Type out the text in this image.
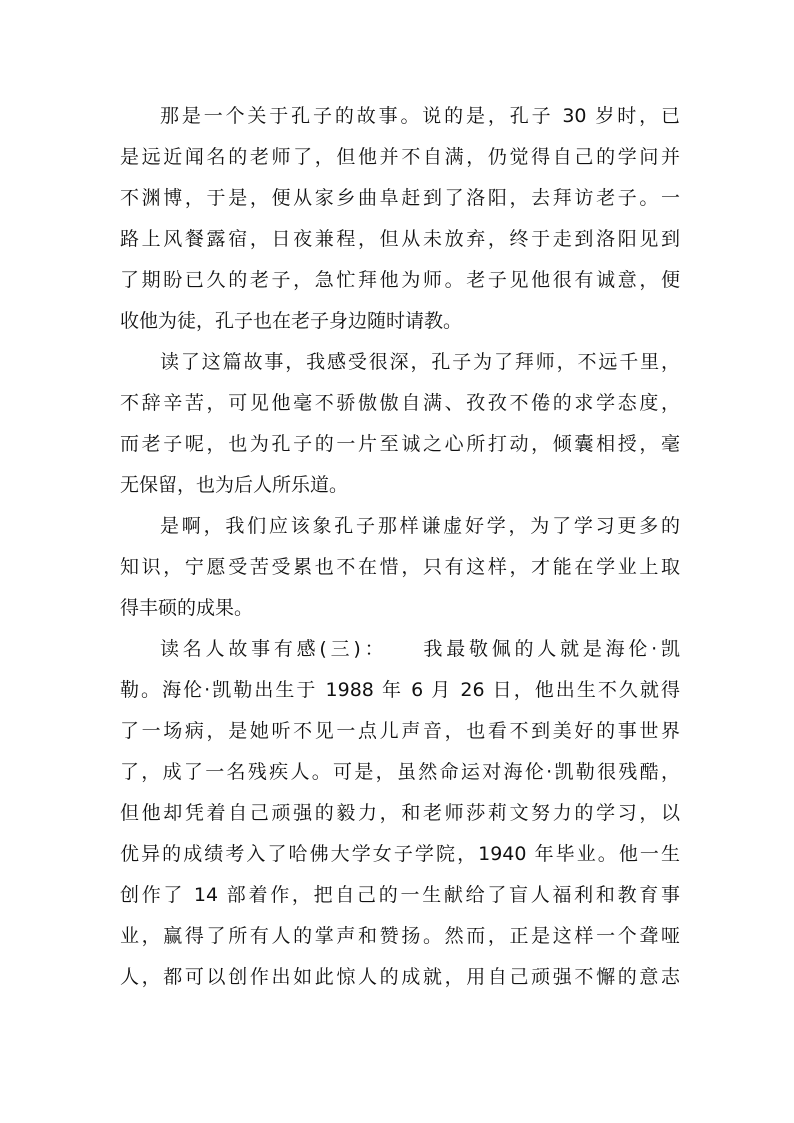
那是一个关于孔子的故事。说的是，孔子 30 岁时，已
是远近闻名的老师了，但他并不自满，仍觉得自己的学问并
不渊博，于是，便从家乡曲阜赶到了洛阳，去拜访老子。一
路上风餐露宿，日夜兼程，但从未放弃，终于走到洛阳见到
了期盼已久的老子，急忙拜他为师。老子见他很有诚意，便
收他为徒，孔子也在老子身边随时请教。
读了这篇故事，我感受很深，孔子为了拜师，不远千里，
不辞辛苦，可见他毫不骄傲傲自满、孜孜不倦的求学态度，
而老子呢，也为孔子的一片至诚之心所打动，倾囊相授，毫
无保留，也为后人所乐道。
是啊，我们应该象孔子那样谦虚好学，为了学习更多的
知识，宁愿受苦受累也不在惜，只有这样，才能在学业上取
得丰硕的成果。
读名人故事有感(三)：　　我最敬佩的人就是海伦·凯
勒。海伦·凯勒出生于 1988 年 6 月 26 日，他出生不久就得
了一场病，是她听不见一点儿声音，也看不到美好的事世界
了，成了一名残疾人。可是，虽然命运对海伦·凯勒很残酷，
但他却凭着自己顽强的毅力，和老师莎莉文努力的学习，以
优异的成绩考入了哈佛大学女子学院，1940 年毕业。他一生
创作了 14 部着作，把自己的一生献给了盲人福利和教育事
业，赢得了所有人的掌声和赞扬。然而，正是这样一个聋哑
人，都可以创作出如此惊人的成就，用自己顽强不懈的意志
